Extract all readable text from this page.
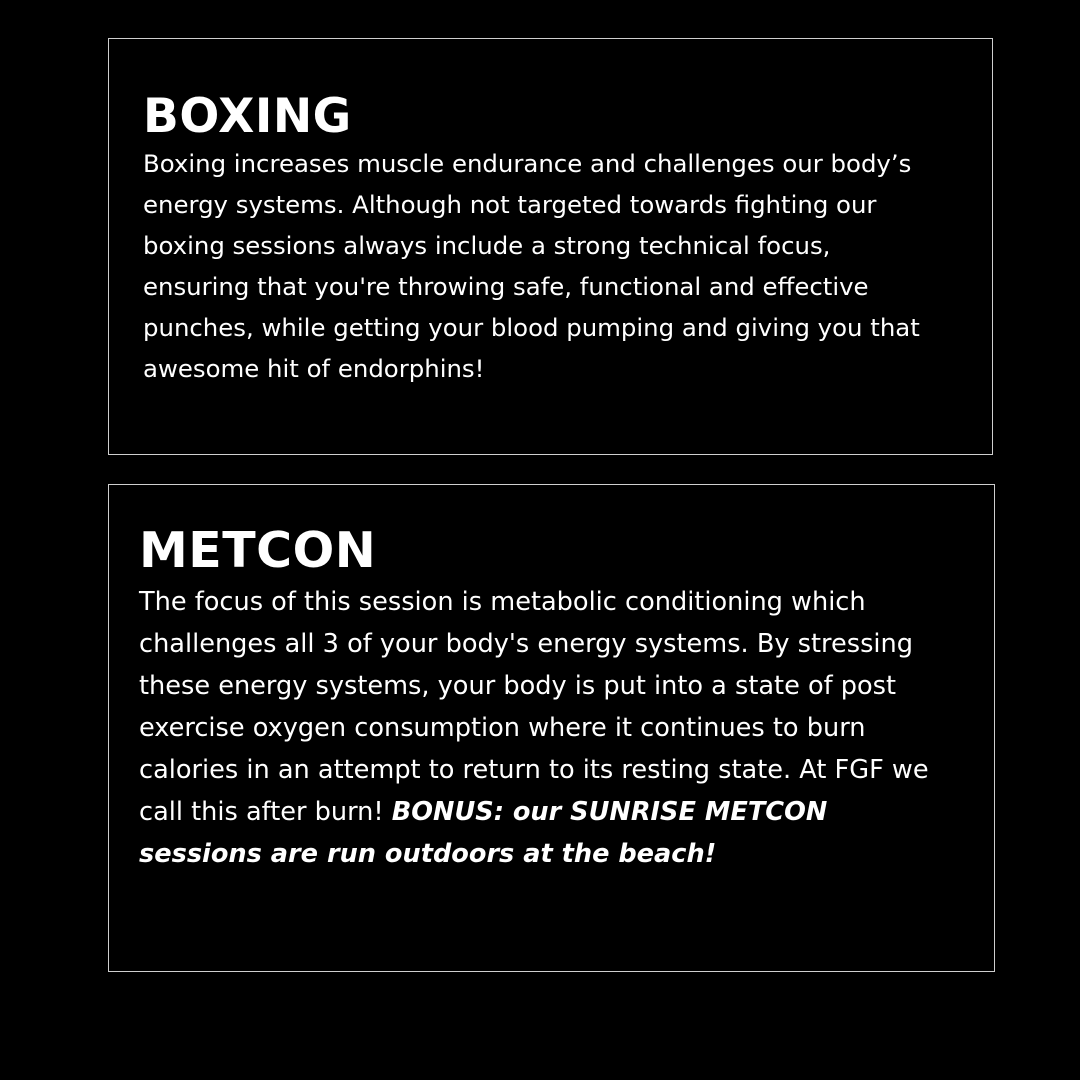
BOXING

Boxing increases muscle endurance and challenges our body’s energy systems. Although not targeted towards fighting our boxing sessions always include a strong technical focus, ensuring that you're throwing safe, functional and effective punches, while getting your blood pumping and giving you that awesome hit of endorphins!

METCON

The focus of this session is metabolic conditioning which challenges all 3 of your body's energy systems. By stressing these energy systems, your body is put into a state of post exercise oxygen consumption where it continues to burn calories in an attempt to return to its resting state. At FGF we call this after burn! BONUS: our SUNRISE METCON sessions are run outdoors at the beach!
